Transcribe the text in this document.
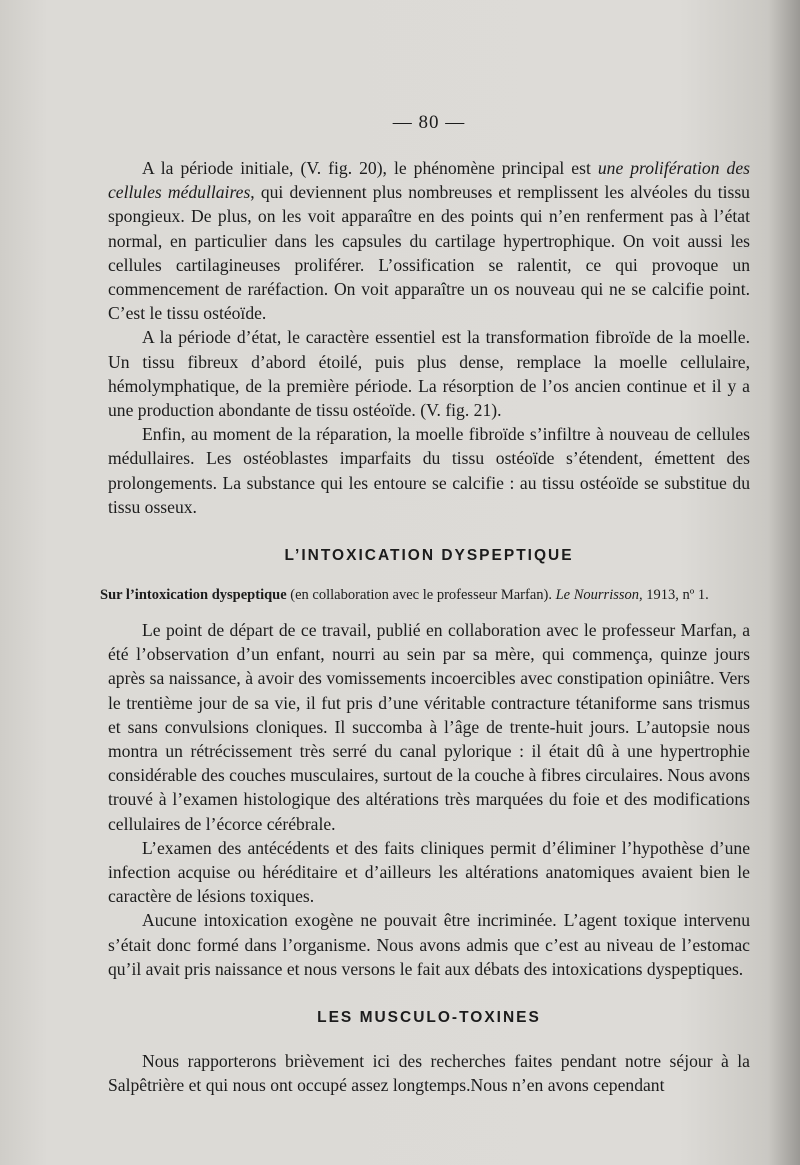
— 80 —

A la période initiale, (V. fig. 20), le phénomène principal est une prolifération des cellules médullaires, qui deviennent plus nombreuses et remplissent les alvéoles du tissu spongieux. De plus, on les voit apparaître en des points qui n’en renferment pas à l’état normal, en particulier dans les capsules du cartilage hypertrophique. On voit aussi les cellules cartilagineuses proliférer. L’ossification se ralentit, ce qui provoque un commencement de raréfaction. On voit apparaître un os nouveau qui ne se calcifie point. C’est le tissu ostéoïde.

A la période d’état, le caractère essentiel est la transformation fibroïde de la moelle. Un tissu fibreux d’abord étoilé, puis plus dense, remplace la moelle cellulaire, hémolymphatique, de la première période. La résorption de l’os ancien continue et il y a une production abondante de tissu ostéoïde. (V. fig. 21).

Enfin, au moment de la réparation, la moelle fibroïde s’infiltre à nouveau de cellules médullaires. Les ostéoblastes imparfaits du tissu ostéoïde s’étendent, émettent des prolongements. La substance qui les entoure se calcifie : au tissu ostéoïde se substitue du tissu osseux.

L’INTOXICATION DYSPEPTIQUE

Sur l’intoxication dyspeptique (en collaboration avec le professeur Marfan). Le Nourrisson, 1913, nº 1.

Le point de départ de ce travail, publié en collaboration avec le professeur Marfan, a été l’observation d’un enfant, nourri au sein par sa mère, qui commença, quinze jours après sa naissance, à avoir des vomissements incoercibles avec constipation opiniâtre. Vers le trentième jour de sa vie, il fut pris d’une véritable contracture tétaniforme sans trismus et sans convulsions cloniques. Il succomba à l’âge de trente-huit jours. L’autopsie nous montra un rétrécissement très serré du canal pylorique : il était dû à une hypertrophie considérable des couches musculaires, surtout de la couche à fibres circulaires. Nous avons trouvé à l’examen histologique des altérations très marquées du foie et des modifications cellulaires de l’écorce cérébrale.

L’examen des antécédents et des faits cliniques permit d’éliminer l’hypothèse d’une infection acquise ou héréditaire et d’ailleurs les altérations anatomiques avaient bien le caractère de lésions toxiques.

Aucune intoxication exogène ne pouvait être incriminée. L’agent toxique intervenu s’était donc formé dans l’organisme. Nous avons admis que c’est au niveau de l’estomac qu’il avait pris naissance et nous versons le fait aux débats des intoxications dyspeptiques.

LES MUSCULO-TOXINES

Nous rapporterons brièvement ici des recherches faites pendant notre séjour à la Salpêtrière et qui nous ont occupé assez longtemps.Nous n’en avons cependant
